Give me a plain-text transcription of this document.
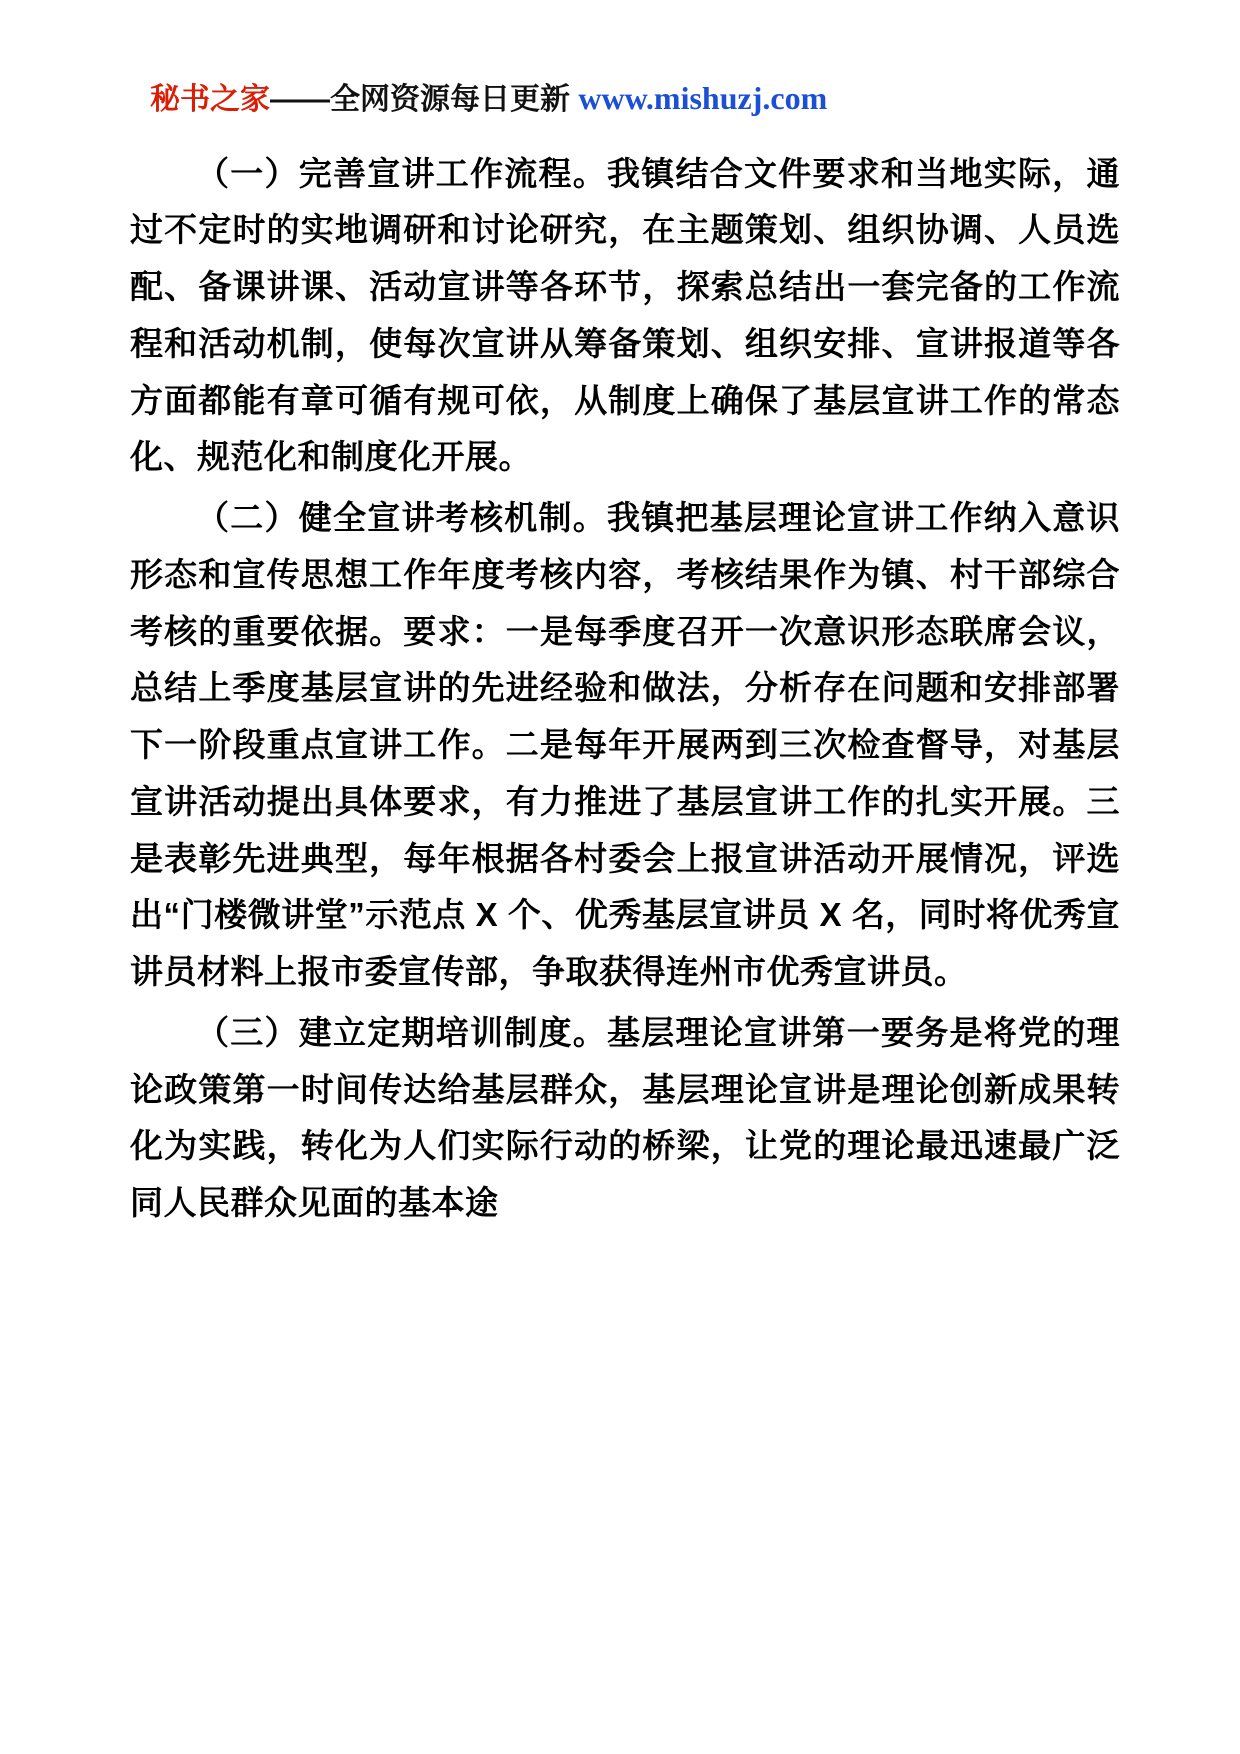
秘书之家——全网资源每日更新 www.mishuzj.com

（一）完善宣讲工作流程。我镇结合文件要求和当地实际，通过不定时的实地调研和讨论研究，在主题策划、组织协调、人员选配、备课讲课、活动宣讲等各环节，探索总结出一套完备的工作流程和活动机制，使每次宣讲从筹备策划、组织安排、宣讲报道等各方面都能有章可循有规可依，从制度上确保了基层宣讲工作的常态化、规范化和制度化开展。

（二）健全宣讲考核机制。我镇把基层理论宣讲工作纳入意识形态和宣传思想工作年度考核内容，考核结果作为镇、村干部综合考核的重要依据。要求：一是每季度召开一次意识形态联席会议，总结上季度基层宣讲的先进经验和做法，分析存在问题和安排部署下一阶段重点宣讲工作。二是每年开展两到三次检查督导，对基层宣讲活动提出具体要求，有力推进了基层宣讲工作的扎实开展。三是表彰先进典型，每年根据各村委会上报宣讲活动开展情况，评选出“门楼微讲堂”示范点 X 个、优秀基层宣讲员 X 名，同时将优秀宣讲员材料上报市委宣传部，争取获得连州市优秀宣讲员。

（三）建立定期培训制度。基层理论宣讲第一要务是将党的理论政策第一时间传达给基层群众，基层理论宣讲是理论创新成果转化为实践，转化为人们实际行动的桥梁，让党的理论最迅速最广泛同人民群众见面的基本途
